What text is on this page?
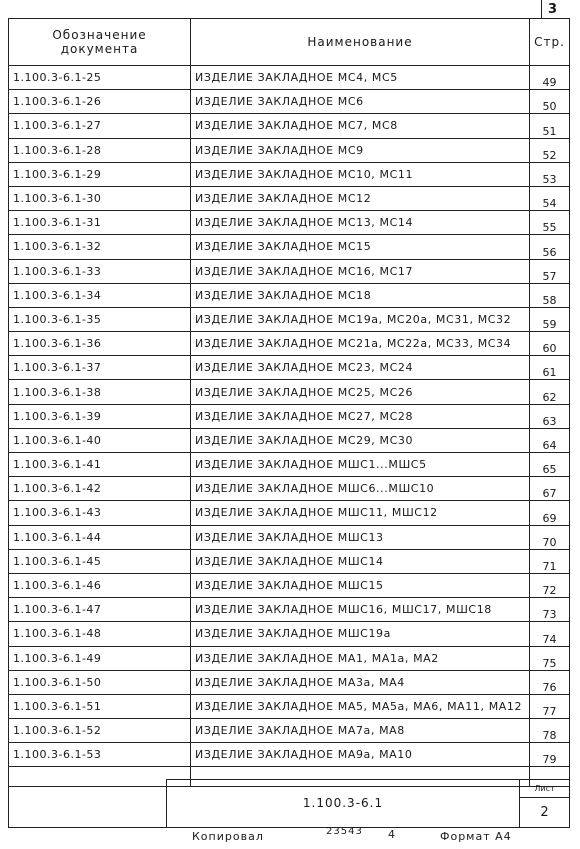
3
Обозначение
документа	Наименование	Стр.
1.100.3-6.1-25	ИЗДЕЛИЕ ЗАКЛАДНОЕ МС4, МС5	49
1.100.3-6.1-26	ИЗДЕЛИЕ ЗАКЛАДНОЕ МС6	50
1.100.3-6.1-27	ИЗДЕЛИЕ ЗАКЛАДНОЕ МС7, МС8	51
1.100.3-6.1-28	ИЗДЕЛИЕ ЗАКЛАДНОЕ МС9	52
1.100.3-6.1-29	ИЗДЕЛИЕ ЗАКЛАДНОЕ МС10, МС11	53
1.100.3-6.1-30	ИЗДЕЛИЕ ЗАКЛАДНОЕ МС12	54
1.100.3-6.1-31	ИЗДЕЛИЕ ЗАКЛАДНОЕ МС13, МС14	55
1.100.3-6.1-32	ИЗДЕЛИЕ ЗАКЛАДНОЕ МС15	56
1.100.3-6.1-33	ИЗДЕЛИЕ ЗАКЛАДНОЕ МС16, МС17	57
1.100.3-6.1-34	ИЗДЕЛИЕ ЗАКЛАДНОЕ МС18	58
1.100.3-6.1-35	ИЗДЕЛИЕ ЗАКЛАДНОЕ МС19а, МС20а, МС31, МС32	59
1.100.3-6.1-36	ИЗДЕЛИЕ ЗАКЛАДНОЕ МС21а, МС22а, МС33, МС34	60
1.100.3-6.1-37	ИЗДЕЛИЕ ЗАКЛАДНОЕ МС23, МС24	61
1.100.3-6.1-38	ИЗДЕЛИЕ ЗАКЛАДНОЕ МС25, МС26	62
1.100.3-6.1-39	ИЗДЕЛИЕ ЗАКЛАДНОЕ МС27, МС28	63
1.100.3-6.1-40	ИЗДЕЛИЕ ЗАКЛАДНОЕ МС29, МС30	64
1.100.3-6.1-41	ИЗДЕЛИЕ ЗАКЛАДНОЕ МШС1...МШС5	65
1.100.3-6.1-42	ИЗДЕЛИЕ ЗАКЛАДНОЕ МШС6...МШС10	67
1.100.3-6.1-43	ИЗДЕЛИЕ ЗАКЛАДНОЕ МШС11, МШС12	69
1.100.3-6.1-44	ИЗДЕЛИЕ ЗАКЛАДНОЕ МШС13	70
1.100.3-6.1-45	ИЗДЕЛИЕ ЗАКЛАДНОЕ МШС14	71
1.100.3-6.1-46	ИЗДЕЛИЕ ЗАКЛАДНОЕ МШС15	72
1.100.3-6.1-47	ИЗДЕЛИЕ ЗАКЛАДНОЕ МШС16, МШС17, МШС18	73
1.100.3-6.1-48	ИЗДЕЛИЕ ЗАКЛАДНОЕ МШС19а	74
1.100.3-6.1-49	ИЗДЕЛИЕ ЗАКЛАДНОЕ МА1, МА1а, МА2	75
1.100.3-6.1-50	ИЗДЕЛИЕ ЗАКЛАДНОЕ МА3а, МА4	76
1.100.3-6.1-51	ИЗДЕЛИЕ ЗАКЛАДНОЕ МА5, МА5а, МА6, МА11, МА12	77
1.100.3-6.1-52	ИЗДЕЛИЕ ЗАКЛАДНОЕ МА7а, МА8	78
1.100.3-6.1-53	ИЗДЕЛИЕ ЗАКЛАДНОЕ МА9а, МА10	79

1.100.3-6.1
Лист
2
Копировал	23543 4	Формат А4
